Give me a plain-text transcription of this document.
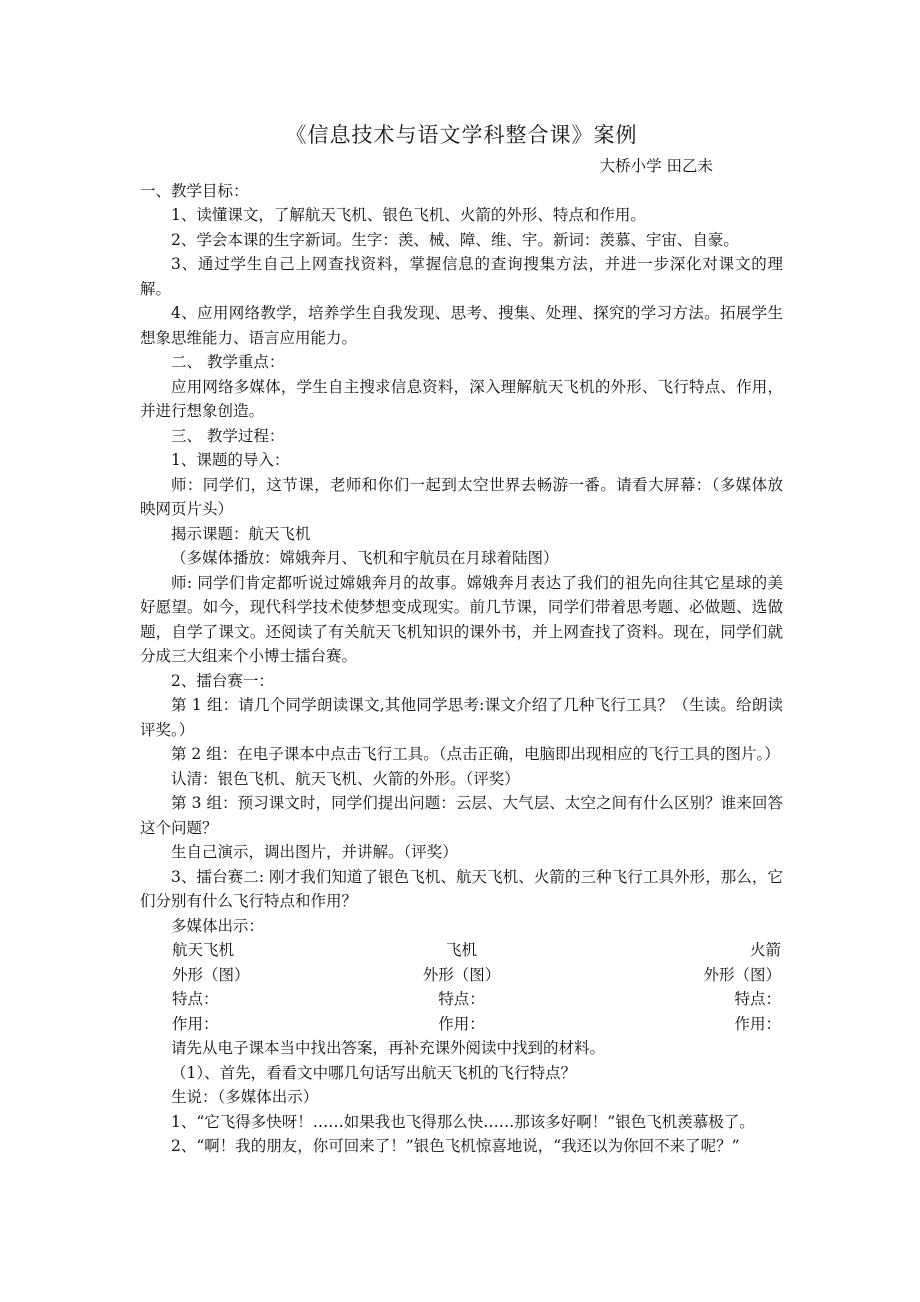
《信息技术与语文学科整合课》案例

大桥小学 田乙未

一、教学目标：

1、读懂课文，了解航天飞机、银色飞机、火箭的外形、特点和作用。

2、学会本课的生字新词。生字：羡、械、障、维、宇。新词：羡慕、宇宙、自豪。

3、通过学生自己上网查找资料，掌握信息的查询搜集方法，并进一步深化对课文的理解。

4、应用网络教学，培养学生自我发现、思考、搜集、处理、探究的学习方法。拓展学生想象思维能力、语言应用能力。

二、 教学重点：

应用网络多媒体，学生自主搜求信息资料，深入理解航天飞机的外形、飞行特点、作用，并进行想象创造。

三、 教学过程：

1、课题的导入：

师：同学们，这节课，老师和你们一起到太空世界去畅游一番。请看大屏幕：（多媒体放映网页片头）

揭示课题：航天飞机

（多媒体播放：嫦娥奔月、飞机和宇航员在月球着陆图）

师: 同学们肯定都听说过嫦娥奔月的故事。嫦娥奔月表达了我们的祖先向往其它星球的美好愿望。如今，现代科学技术使梦想变成现实。前几节课，同学们带着思考题、必做题、选做题，自学了课文。还阅读了有关航天飞机知识的课外书，并上网查找了资料。现在，同学们就分成三大组来个小博士擂台赛。

2、擂台赛一：

第 1 组：请几个同学朗读课文,其他同学思考:课文介绍了几种飞行工具？（生读。给朗读评奖。）

第 2 组：在电子课本中点击飞行工具。（点击正确，电脑即出现相应的飞行工具的图片。）

认清：银色飞机、航天飞机、火箭的外形。（评奖）

第 3 组：预习课文时，同学们提出问题：云层、大气层、太空之间有什么区别？谁来回答这个问题？

生自己演示，调出图片，并讲解。（评奖）

3、擂台赛二: 刚才我们知道了银色飞机、航天飞机、火箭的三种飞行工具外形，那么，它们分别有什么飞行特点和作用？

多媒体出示：

航天飞机	飞机	火箭
外形（图）	外形（图）	外形（图）
特点：	特点：	特点：
作用：	作用：	作用：

请先从电子课本当中找出答案，再补充课外阅读中找到的材料。

（1）、首先，看看文中哪几句话写出航天飞机的飞行特点？

生说：（多媒体出示）

1、“它飞得多快呀！……如果我也飞得那么快……那该多好啊！”银色飞机羡慕极了。

2、“啊！我的朋友，你可回来了！”银色飞机惊喜地说，“我还以为你回不来了呢？”
